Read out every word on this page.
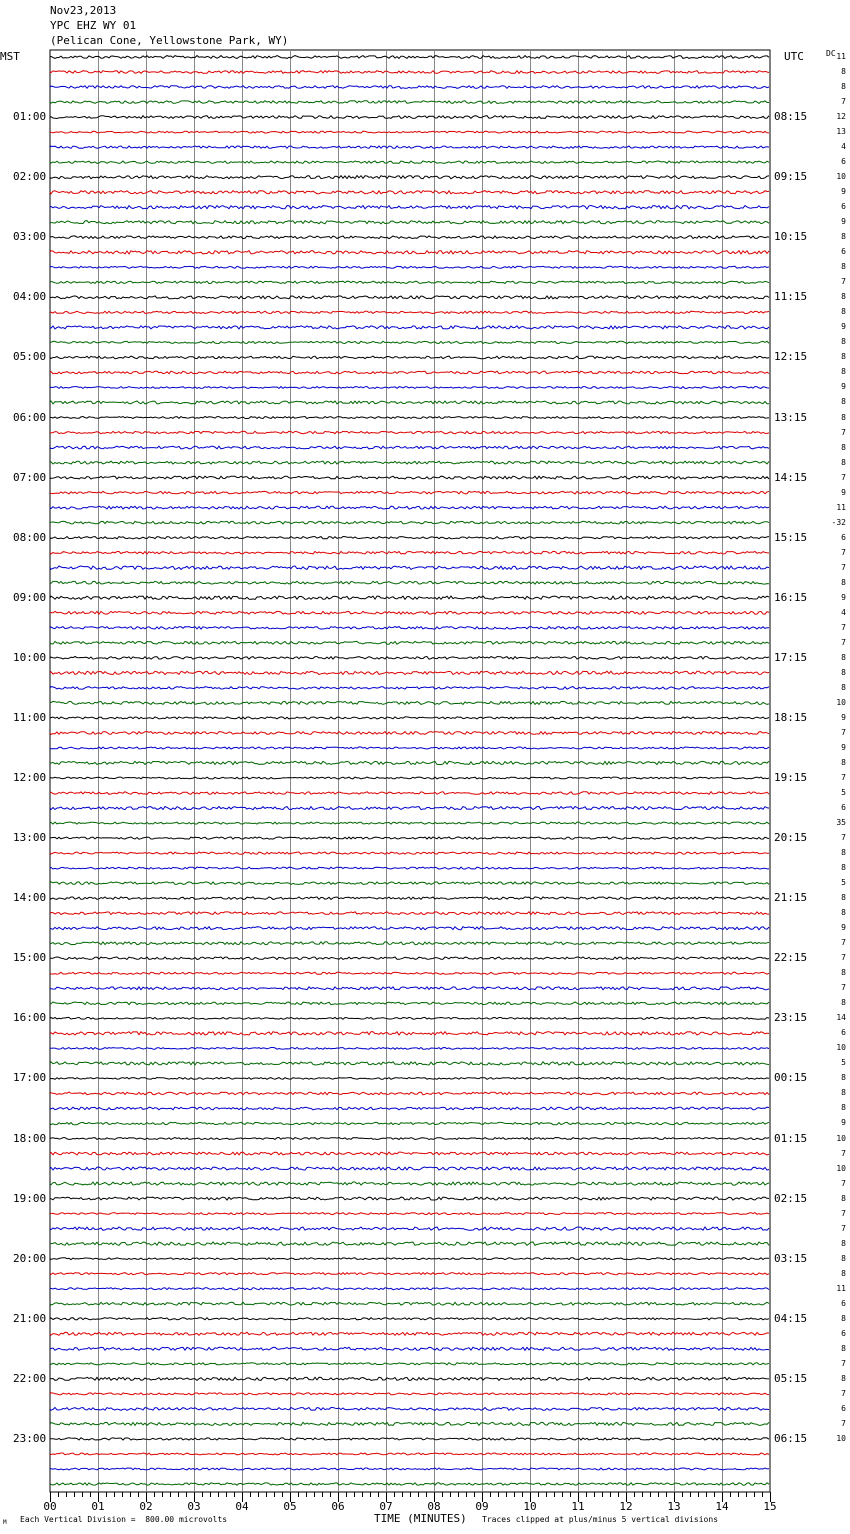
Nov23,2013
YPC EHZ WY 01
(Pelican Cone, Yellowstone Park, WY)
MST	UTC	DC
01:00
02:00
03:00
04:00
05:00
06:00
07:00
08:00
09:00
10:00
11:00
12:00
13:00
14:00
15:00
16:00
17:00
18:00
19:00
20:00
21:00
22:00
23:00
08:15
09:15
10:15
11:15
12:15
13:15
14:15
15:15
16:15
17:15
18:15
19:15
20:15
21:15
22:15
23:15
00:15
01:15
02:15
03:15
04:15
05:15
06:15
11
8
8
7
12
13
4
6
10
9
6
9
8
6
8
7
8
8
9
8
8
8
9
8
8
7
8
8
7
9
11
-32
6
7
7
8
9
4
7
7
8
8
8
10
9
7
9
8
7
5
6
35
7
8
8
5
8
8
9
7
7
8
7
8
14
6
10
5
8
8
8
9
10
7
10
7
8
7
7
8
8
8
11
6
8
6
8
7
8
7
6
7
10
00	01	02	03	04	05	06	07	08	09	10	11	12	13	14	15
M Each Vertical Division =  800.00 microvolts	TIME (MINUTES) Traces clipped at plus/minus 5 vertical divisions
